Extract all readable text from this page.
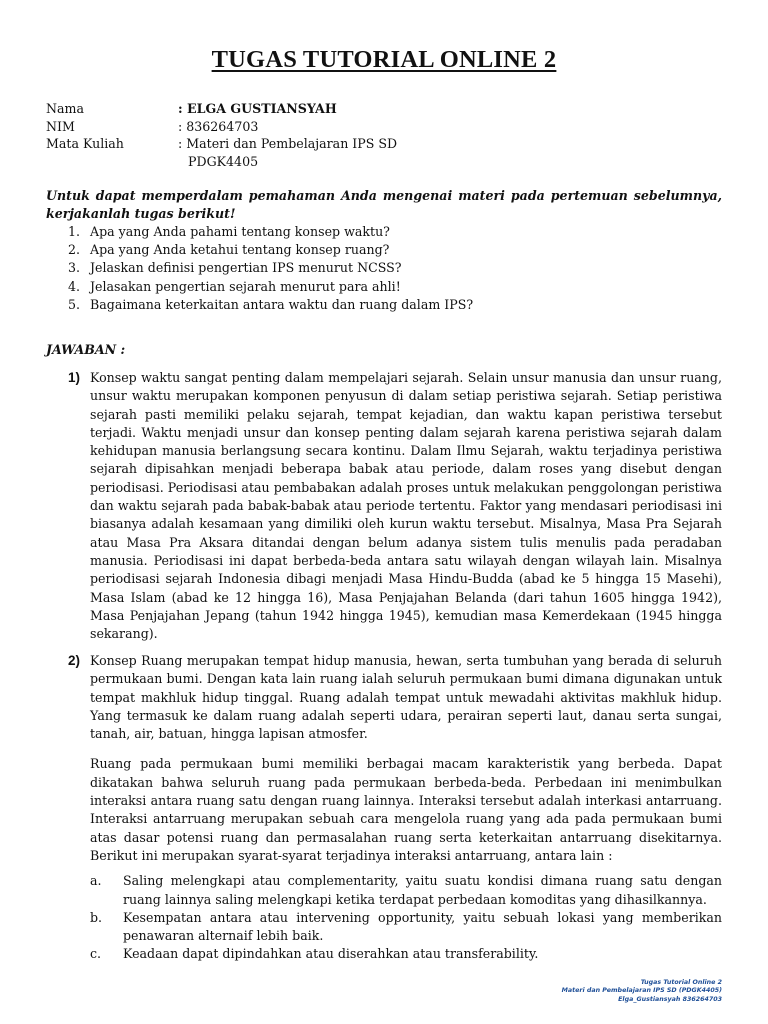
TUGAS TUTORIAL ONLINE 2
Nama	: ELGA GUSTIANSYAH
NIM	: 836264703
Mata Kuliah	: Materi dan Pembelajaran IPS SD
PDGK4405
Untuk dapat memperdalam pemahaman Anda mengenai materi pada pertemuan sebelumnya, kerjakanlah tugas berikut!
1. Apa yang Anda pahami tentang konsep waktu?
2. Apa yang Anda ketahui tentang konsep ruang?
3. Jelaskan definisi pengertian IPS menurut NCSS?
4. Jelasakan pengertian sejarah menurut para ahli!
5. Bagaimana keterkaitan antara waktu dan ruang dalam IPS?
JAWABAN :
1) Konsep waktu sangat penting dalam mempelajari sejarah. Selain unsur manusia dan unsur ruang, unsur waktu merupakan komponen penyusun di dalam setiap peristiwa sejarah. Setiap peristiwa sejarah pasti memiliki pelaku sejarah, tempat kejadian, dan waktu kapan peristiwa tersebut terjadi. Waktu menjadi unsur dan konsep penting dalam sejarah karena peristiwa sejarah dalam kehidupan manusia berlangsung secara kontinu. Dalam Ilmu Sejarah, waktu terjadinya peristiwa sejarah dipisahkan menjadi beberapa babak atau periode, dalam roses yang disebut dengan periodisasi. Periodisasi atau pembabakan adalah proses untuk melakukan penggolongan peristiwa dan waktu sejarah pada babak-babak atau periode tertentu. Faktor yang mendasari periodisasi ini biasanya adalah kesamaan yang dimiliki oleh kurun waktu tersebut. Misalnya, Masa Pra Sejarah atau Masa Pra Aksara ditandai dengan belum adanya sistem tulis menulis pada peradaban manusia. Periodisasi ini dapat berbeda-beda antara satu wilayah dengan wilayah lain. Misalnya periodisasi sejarah Indonesia dibagi menjadi Masa Hindu-Budda (abad ke 5 hingga 15 Masehi), Masa Islam (abad ke 12 hingga 16), Masa Penjajahan Belanda (dari tahun 1605 hingga 1942), Masa Penjajahan Jepang (tahun 1942 hingga 1945), kemudian masa Kemerdekaan (1945 hingga sekarang).

2) Konsep Ruang merupakan tempat hidup manusia, hewan, serta tumbuhan yang berada di seluruh permukaan bumi. Dengan kata lain ruang ialah seluruh permukaan bumi dimana digunakan untuk tempat makhluk hidup tinggal. Ruang adalah tempat untuk mewadahi aktivitas makhluk hidup. Yang termasuk ke dalam ruang adalah seperti udara, perairan seperti laut, danau serta sungai, tanah, air, batuan, hingga lapisan atmosfer.

Ruang pada permukaan bumi memiliki berbagai macam karakteristik yang berbeda. Dapat dikatakan bahwa seluruh ruang pada permukaan berbeda-beda. Perbedaan ini menimbulkan interaksi antara ruang satu dengan ruang lainnya. Interaksi tersebut adalah interkasi antarruang. Interaksi antarruang merupakan sebuah cara mengelola ruang yang ada pada permukaan bumi atas dasar potensi ruang dan permasalahan ruang serta keterkaitan antarruang disekitarnya. Berikut ini merupakan syarat-syarat terjadinya interaksi antarruang, antara lain :

a.	Saling melengkapi atau complementarity, yaitu suatu kondisi dimana ruang satu dengan ruang lainnya saling melengkapi ketika terdapat perbedaan komoditas yang dihasilkannya.
b.	Kesempatan antara atau intervening opportunity, yaitu sebuah lokasi yang memberikan penawaran alternaif lebih baik.
c.	Keadaan dapat dipindahkan atau diserahkan atau transferability.
Tugas Tutorial Online 2
Materi dan Pembelajaran IPS SD (PDGK4405)
Elga_Gustiansyah 836264703
